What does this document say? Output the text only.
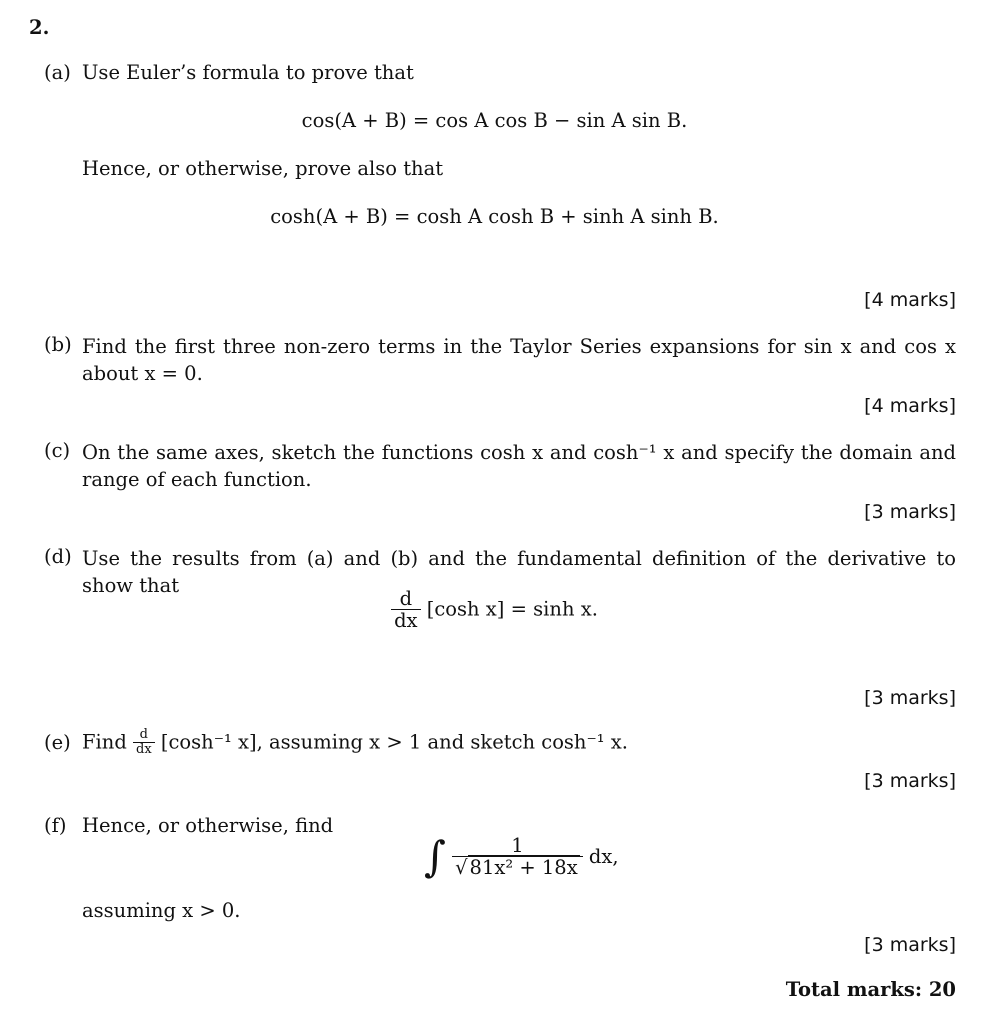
2.
(a) Use Euler’s formula to prove that
cos(A + B) = cos A cos B − sin A sin B.
Hence, or otherwise, prove also that
cosh(A + B) = cosh A cosh B + sinh A sinh B.
[4 marks]
(b) Find the first three non-zero terms in the Taylor Series expansions for sin x and cos x about x = 0.
[4 marks]
(c) On the same axes, sketch the functions cosh x and cosh⁻¹ x and specify the domain and range of each function.
[3 marks]
(d) Use the results from (a) and (b) and the fundamental definition of the derivative to show that
$\frac{d}{dx} [\cosh$ x] = sinh x.
[3 marks]
(e) Find $\frac{d}{dx} [\cosh^{-1}$ x], assuming x > 1 and sketch cosh⁻¹ x.
[3 marks]
(f) Hence, or otherwise, find
∫ $\frac{1}{\text{√ 81x² + 18x}}$ dx,
assuming x > 0.
[3 marks]
Total marks: 20
